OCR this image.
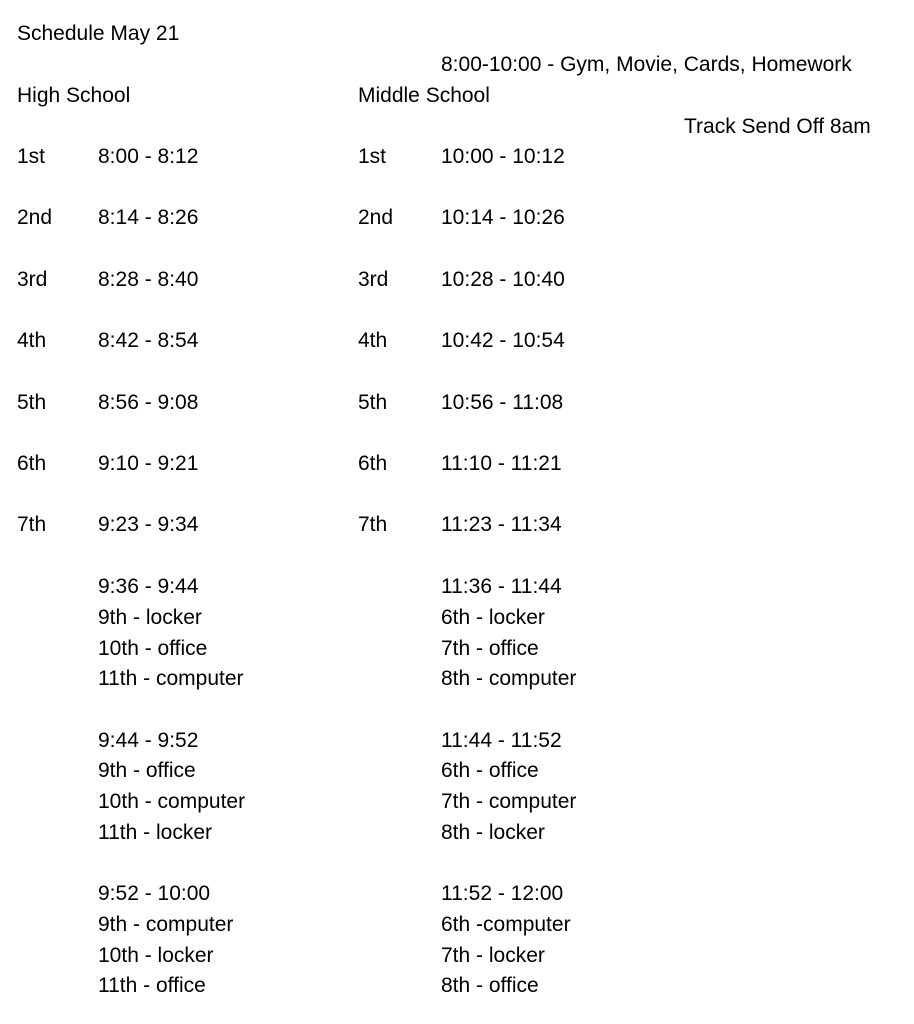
Schedule May 21
8:00-10:00 - Gym, Movie, Cards, Homework
High School	Middle School
Track Send Off 8am
1st	8:00 - 8:12
2nd 8:14 - 8:26
3rd 8:28 - 8:40
4th 8:42 - 8:54
5th 8:56 - 9:08
6th 9:10 - 9:21
7th 9:23 - 9:34
1st	10:00 - 10:12
2nd 10:14 - 10:26
3rd	10:28 - 10:40
4th	10:42 - 10:54
5th	10:56 - 11:08
6th	11:10 - 11:21
7th	11:23 - 11:34
9:36 - 9:44
9th - locker
10th - office
11th - computer
9:44 - 9:52
9th - office
10th - computer
11th - locker
9:52 - 10:00
9th - computer
10th - locker
11th - office
11:36 - 11:44
6th - locker
7th - office
8th - computer
11:44 - 11:52
6th - office
7th - computer
8th - locker
11:52 - 12:00
6th -computer
7th - locker
8th - office
